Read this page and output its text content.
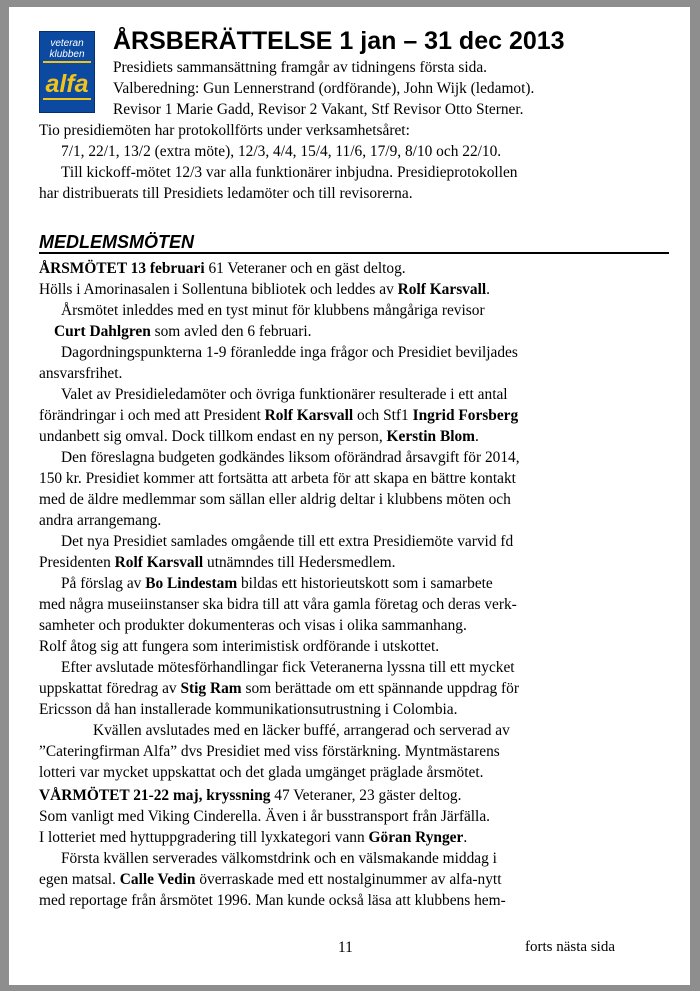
veteran
klubben
alfa
ÅRSBERÄTTELSE 1 jan – 31 dec 2013
Presidiets sammansättning framgår av tidningens första sida.
Valberedning: Gun Lennerstrand (ordförande), John Wijk (ledamot).
Revisor 1 Marie Gadd, Revisor 2 Vakant, Stf Revisor Otto Sterner.
Tio presidiemöten har protokollförts under verksamhetsåret:
7/1, 22/1, 13/2 (extra möte), 12/3, 4/4, 15/4, 11/6, 17/9, 8/10 och 22/10.
Till kickoff-mötet 12/3 var alla funktionärer inbjudna. Presidieprotokollen
har distribuerats till Presidiets ledamöter och till revisorerna.
MEDLEMSMÖTEN
ÅRSMÖTET 13 februari 61 Veteraner och en gäst deltog.
Hölls i Amorinasalen i Sollentuna bibliotek och leddes av Rolf Karsvall.
Årsmötet inleddes med en tyst minut för klubbens mångåriga revisor
Curt Dahlgren som avled den 6 februari.
Dagordningspunkterna 1-9 föranledde inga frågor och Presidiet beviljades
ansvarsfrihet.
Valet av Presidieledamöter och övriga funktionärer resulterade i ett antal
förändringar i och med att President Rolf Karsvall och Stf1 Ingrid Forsberg
undanbett sig omval. Dock tillkom endast en ny person, Kerstin Blom.
Den föreslagna budgeten godkändes liksom oförändrad årsavgift för 2014,
150 kr. Presidiet kommer att fortsätta att arbeta för att skapa en bättre kontakt
med de äldre medlemmar som sällan eller aldrig deltar i klubbens möten och
andra arrangemang.
Det nya Presidiet samlades omgående till ett extra Presidiemöte varvid fd
Presidenten Rolf Karsvall utnämndes till Hedersmedlem.
På förslag av Bo Lindestam bildas ett historieutskott som i samarbete
med några museiinstanser ska bidra till att våra gamla företag och deras verk-
samheter och produkter dokumenteras och visas i olika sammanhang.
Rolf åtog sig att fungera som interimistisk ordförande i utskottet.
Efter avslutade mötesförhandlingar fick Veteranerna lyssna till ett mycket
uppskattat föredrag av Stig Ram som berättade om ett spännande uppdrag för
Ericsson då han installerade kommunikationsutrustning i Colombia.
Kvällen avslutades med en läcker buffé, arrangerad och serverad av
”Cateringfirman Alfa” dvs Presidiet med viss förstärkning. Myntmästarens
lotteri var mycket uppskattat och det glada umgänget präglade årsmötet.
VÅRMÖTET 21-22 maj, kryssning 47 Veteraner, 23 gäster deltog.
Som vanligt med Viking Cinderella. Även i år busstransport från Järfälla.
I lotteriet med hyttuppgradering till lyxkategori vann Göran Rynger.
Första kvällen serverades välkomstdrink och en välsmakande middag i
egen matsal. Calle Vedin överraskade med ett nostalginummer av alfa-nytt
med reportage från årsmötet 1996. Man kunde också läsa att klubbens hem-
11	forts nästa sida
